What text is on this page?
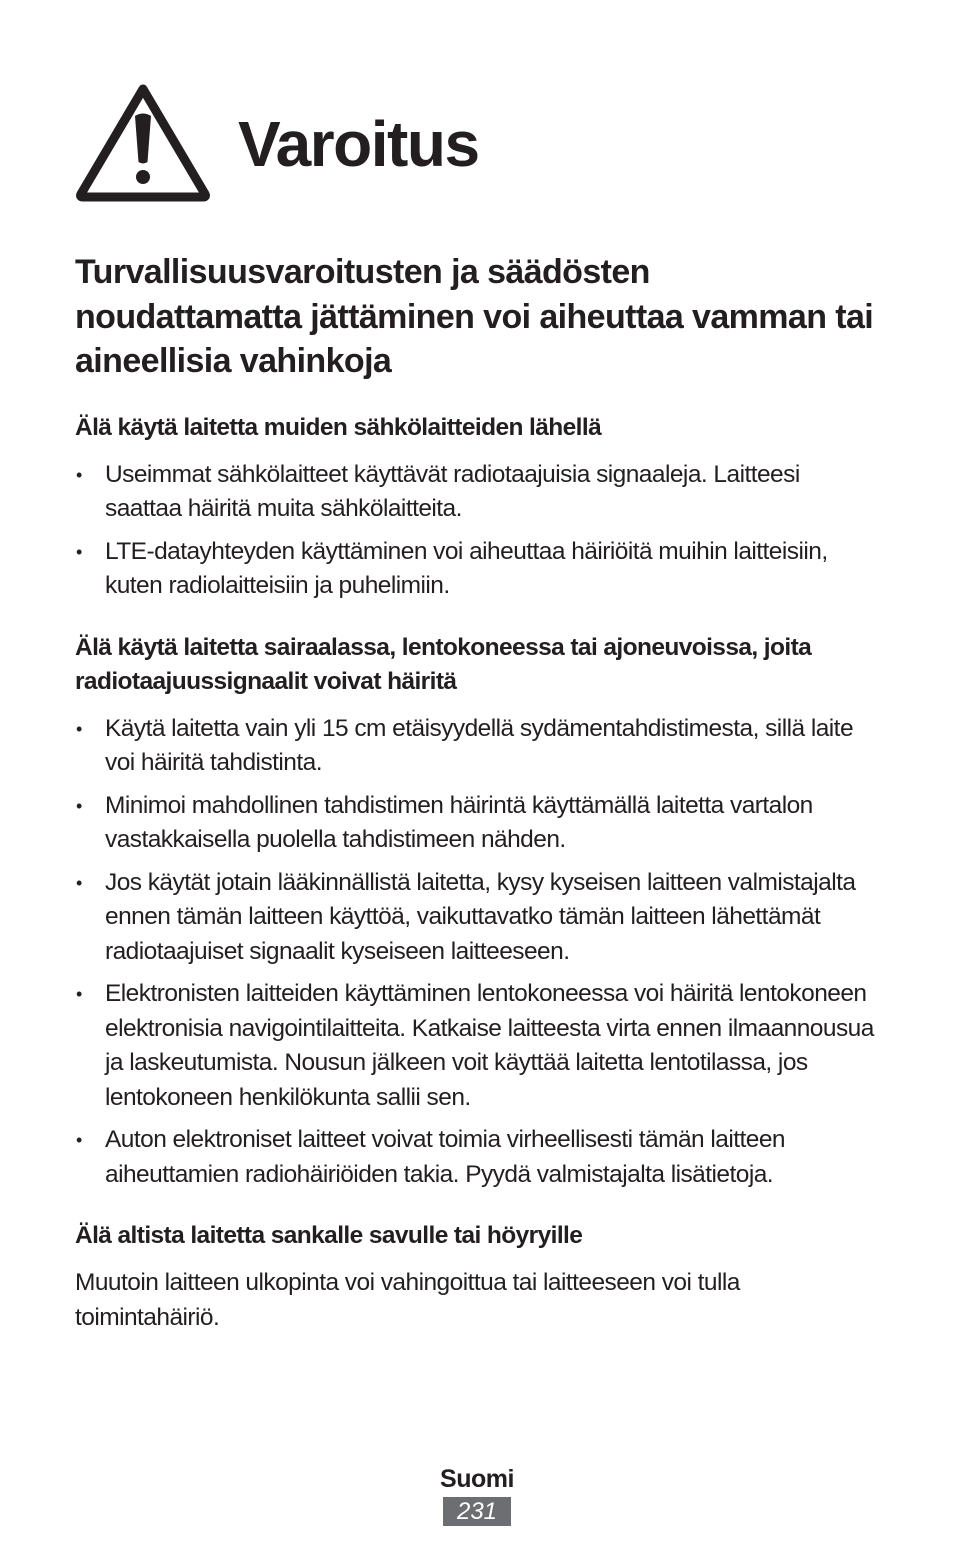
Varoitus
Turvallisuusvaroitusten ja säädösten noudattamatta jättäminen voi aiheuttaa vamman tai aineellisia vahinkoja
Älä käytä laitetta muiden sähkölaitteiden lähellä
• Useimmat sähkölaitteet käyttävät radiotaajuisia signaaleja. Laitteesi saattaa häiritä muita sähkölaitteita.
• LTE-datayhteyden käyttäminen voi aiheuttaa häiriöitä muihin laitteisiin, kuten radiolaitteisiin ja puhelimiin.
Älä käytä laitetta sairaalassa, lentokoneessa tai ajoneuvoissa, joita radiotaajuussignaalit voivat häiritä
• Käytä laitetta vain yli 15 cm etäisyydellä sydämentahdistimesta, sillä laite voi häiritä tahdistinta.
• Minimoi mahdollinen tahdistimen häirintä käyttämällä laitetta vartalon vastakkaisella puolella tahdistimeen nähden.
• Jos käytät jotain lääkinnällistä laitetta, kysy kyseisen laitteen valmistajalta ennen tämän laitteen käyttöä, vaikuttavatko tämän laitteen lähettämät radiotaajuiset signaalit kyseiseen laitteeseen.
• Elektronisten laitteiden käyttäminen lentokoneessa voi häiritä lentokoneen elektronisia navigointilaitteita. Katkaise laitteesta virta ennen ilmaannousua ja laskeutumista. Nousun jälkeen voit käyttää laitetta lentotilassa, jos lentokoneen henkilökunta sallii sen.
• Auton elektroniset laitteet voivat toimia virheellisesti tämän laitteen aiheuttamien radiohäiriöiden takia. Pyydä valmistajalta lisätietoja.
Älä altista laitetta sankalle savulle tai höyryille

Muutoin laitteen ulkopinta voi vahingoittua tai laitteeseen voi tulla toimintahäiriö.

Suomi
231
